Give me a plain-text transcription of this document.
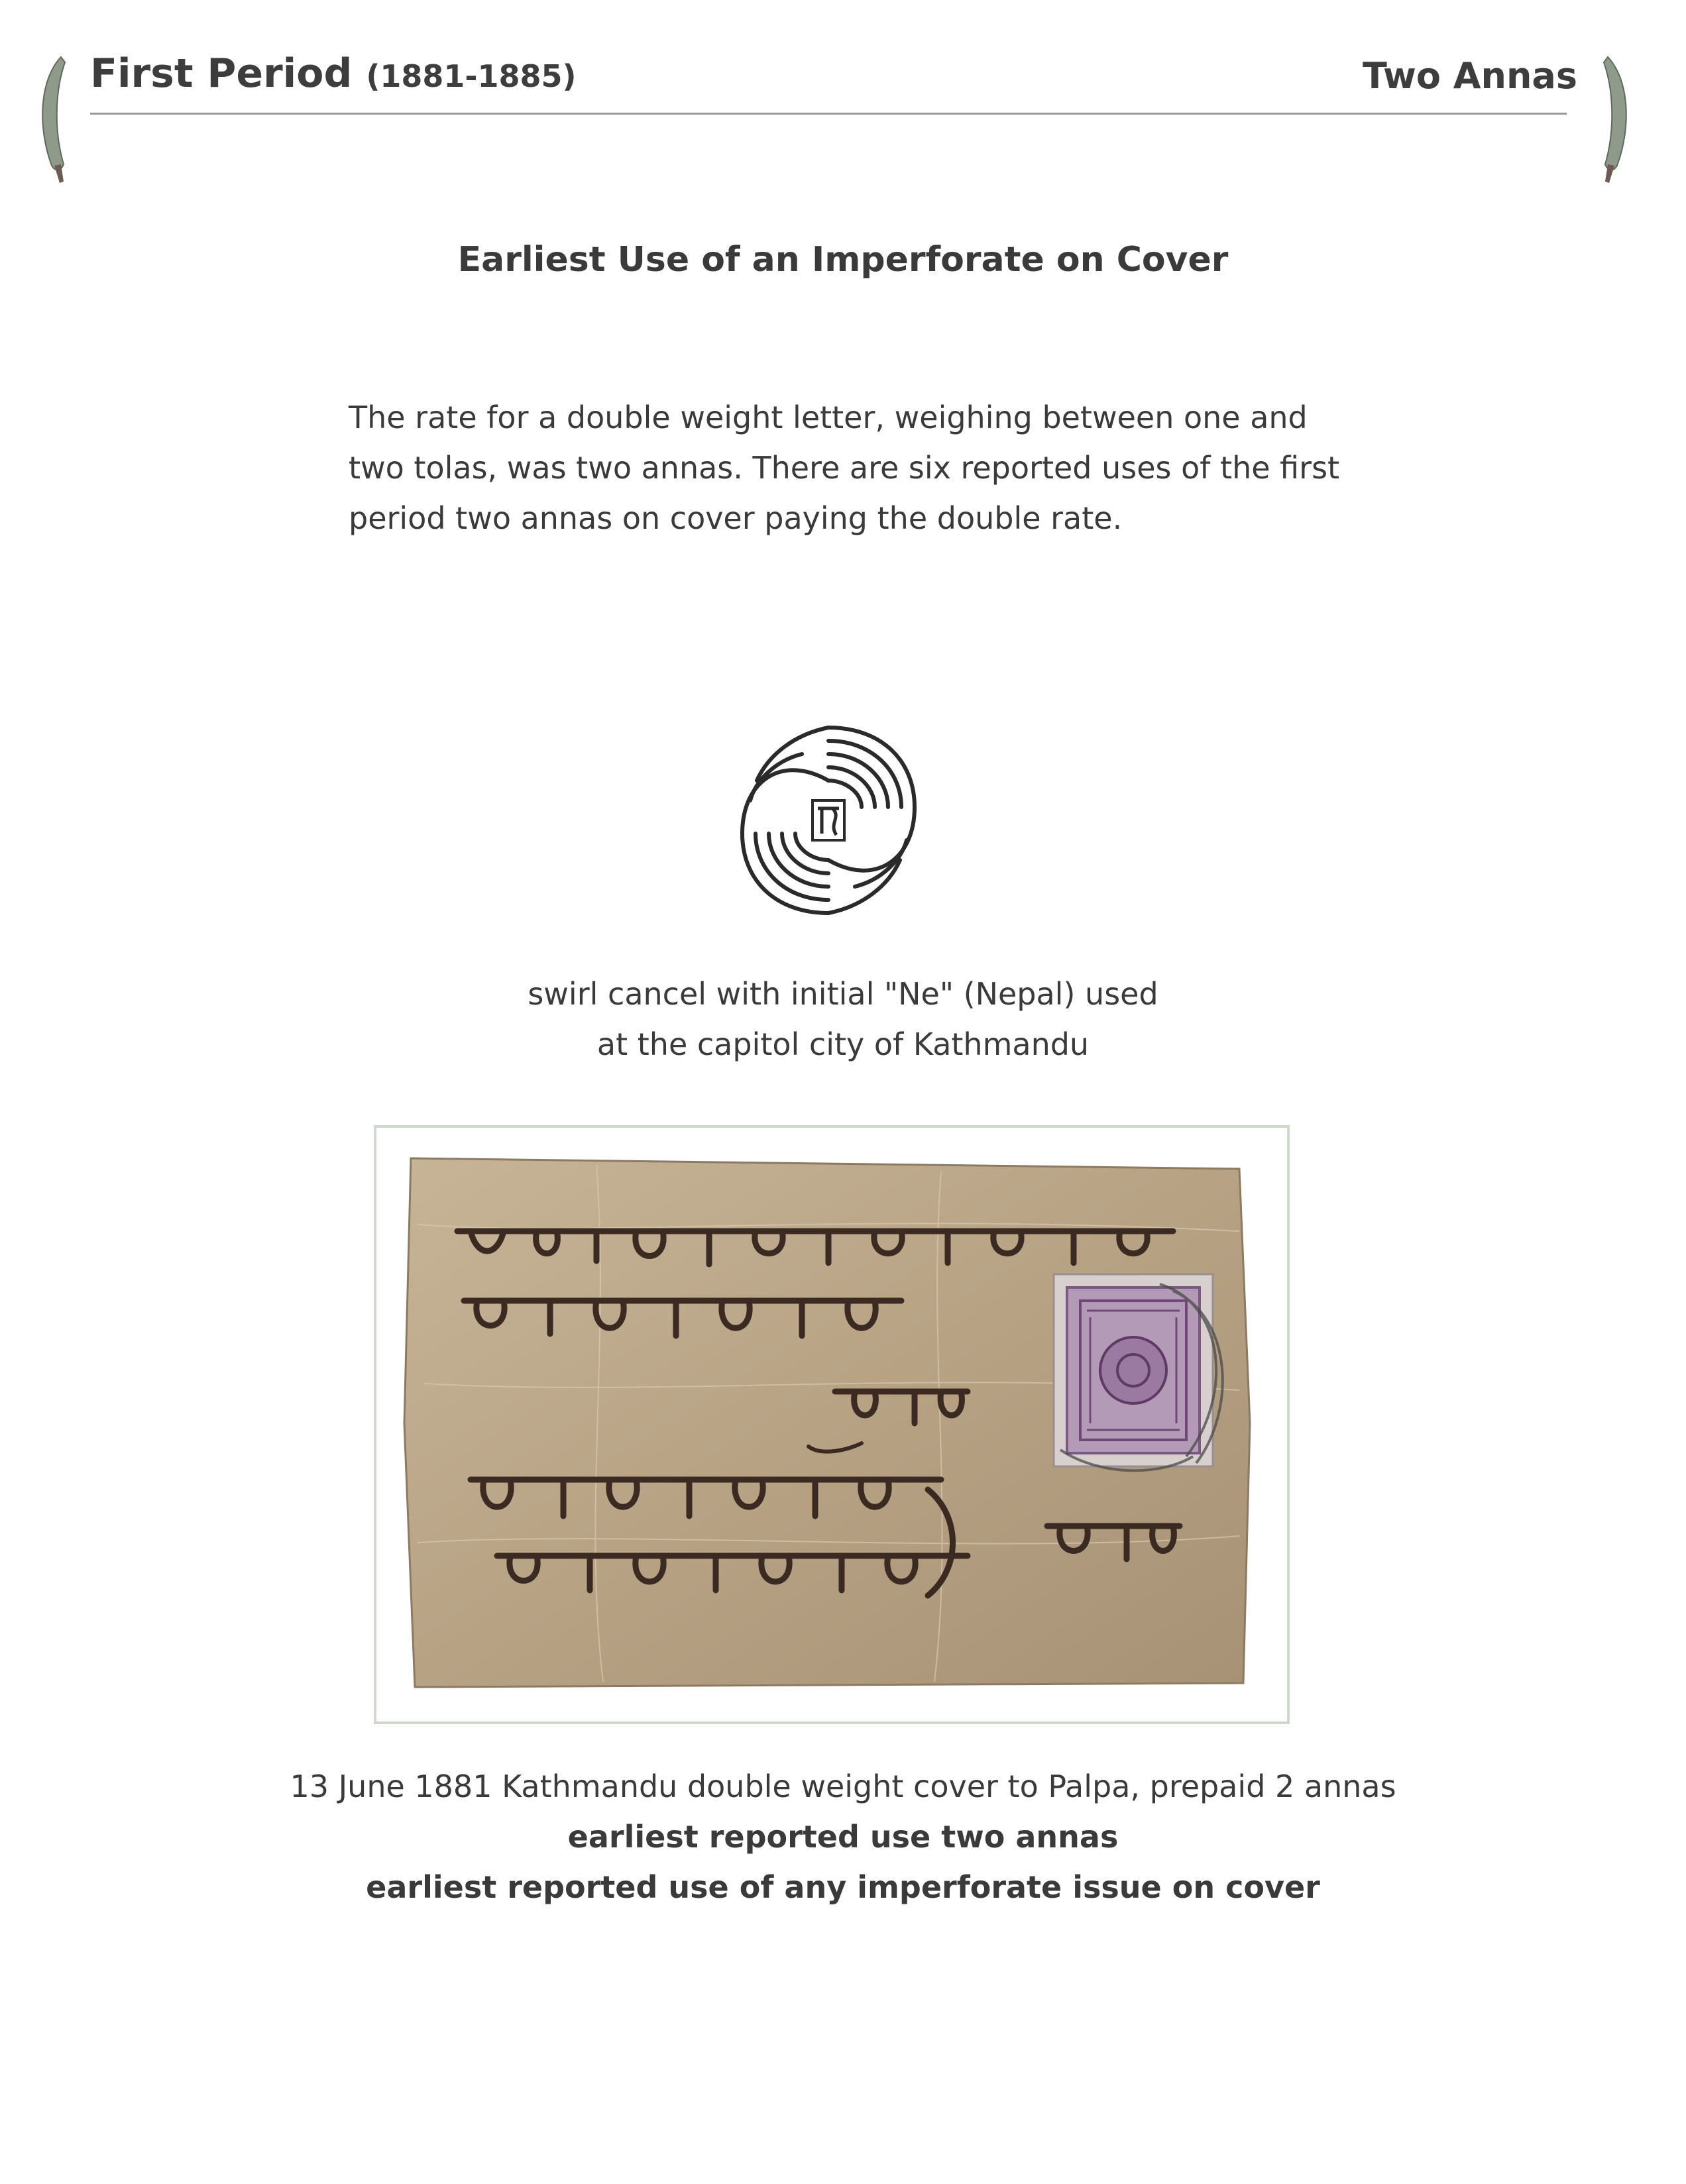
First Period (1881-1885)	Two Annas
Earliest Use of an Imperforate on Cover
The rate for a double weight letter, weighing between one and two tolas, was two annas. There are six reported uses of the first period two annas on cover paying the double rate.
swirl cancel with initial "Ne" (Nepal) used
at the capitol city of Kathmandu
13 June 1881 Kathmandu double weight cover to Palpa, prepaid 2 annas
earliest reported use two annas
earliest reported use of any imperforate issue on cover
